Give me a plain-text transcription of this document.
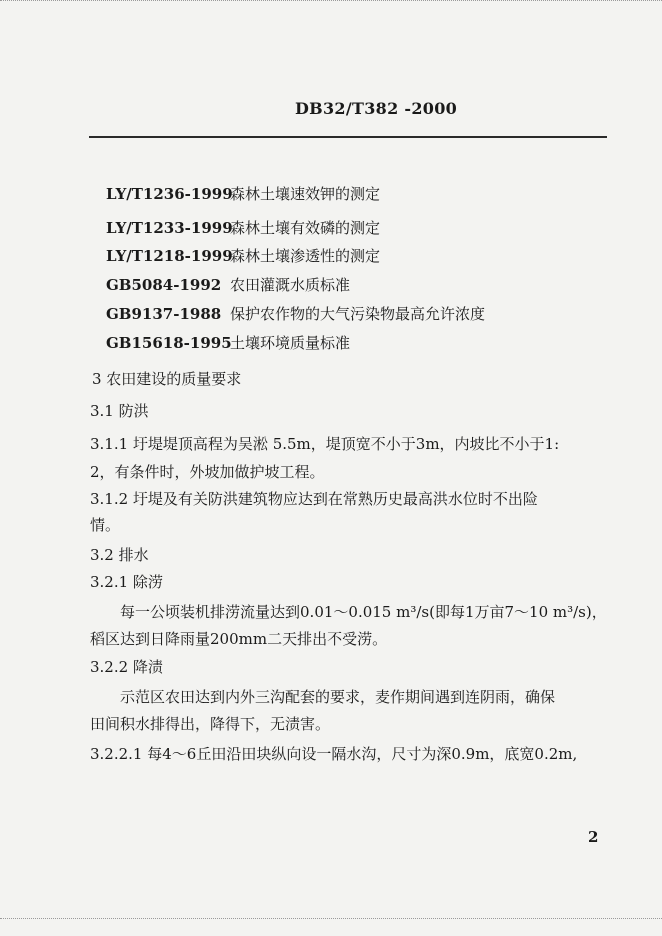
DB32/T382 -2000
LY/T1236-1999森林土壤速效钾的测定
LY/T1233-1999森林土壤有效磷的测定
LY/T1218-1999森林土壤渗透性的测定
GB5084-1992 农田灌溉水质标准
GB9137-1988 保护农作物的大气污染物最高允许浓度
GB15618-1995土壤环境质量标准
3 农田建设的质量要求
3.1 防洪
3.1.1 圩堤堤顶高程为吴淞 5.5m，堤顶宽不小于3m，内坡比不小于1:
2，有条件时，外坡加做护坡工程。
3.1.2 圩堤及有关防洪建筑物应达到在常熟历史最高洪水位时不出险
情。
3.2 排水
3.2.1 除涝
每一公顷装机排涝流量达到0.01～0.015 m³/s(即每1万亩7～10 m³/s)，
稻区达到日降雨量200mm二天排出不受涝。
3.2.2 降渍
示范区农田达到内外三沟配套的要求，麦作期间遇到连阴雨，确保
田间积水排得出，降得下，无渍害。
3.2.2.1 每4～6丘田沿田块纵向设一隔水沟，尺寸为深0.9m，底宽0.2m,
2
